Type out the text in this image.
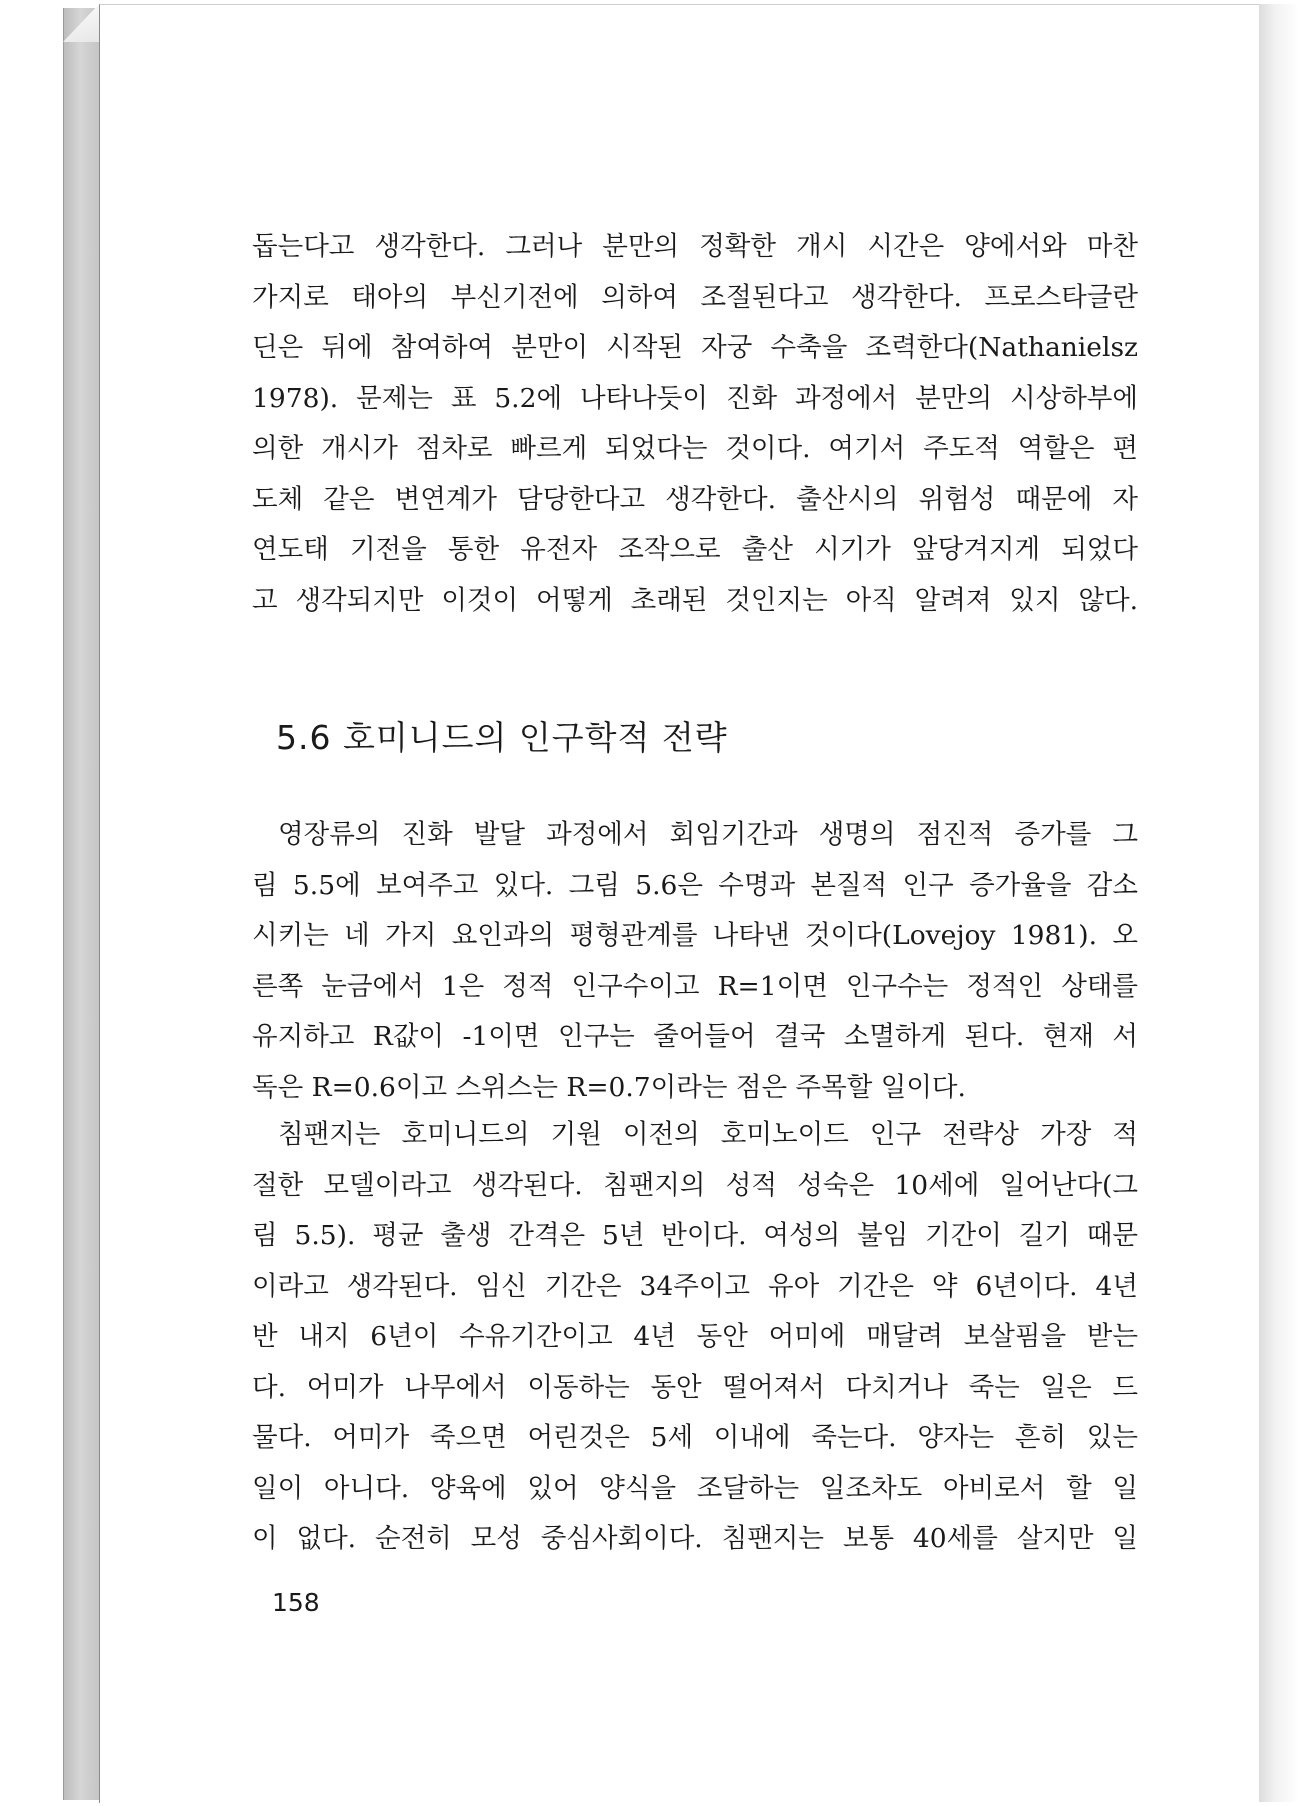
돕는다고 생각한다. 그러나 분만의 정확한 개시 시간은 양에서와 마찬
가지로 태아의 부신기전에 의하여 조절된다고 생각한다. 프로스타글란
딘은 뒤에 참여하여 분만이 시작된 자궁 수축을 조력한다(Nathanielsz
1978). 문제는 표 5.2에 나타나듯이 진화 과정에서 분만의 시상하부에
의한 개시가 점차로 빠르게 되었다는 것이다. 여기서 주도적 역할은 편
도체 같은 변연계가 담당한다고 생각한다. 출산시의 위험성 때문에 자
연도태 기전을 통한 유전자 조작으로 출산 시기가 앞당겨지게 되었다
고 생각되지만 이것이 어떻게 초래된 것인지는 아직 알려져 있지 않다.
5.6 호미니드의 인구학적 전략
영장류의 진화 발달 과정에서 회임기간과 생명의 점진적 증가를 그
림 5.5에 보여주고 있다. 그림 5.6은 수명과 본질적 인구 증가율을 감소
시키는 네 가지 요인과의 평형관계를 나타낸 것이다(Lovejoy 1981). 오
른쪽 눈금에서 1은 정적 인구수이고 R=1이면 인구수는 정적인 상태를
유지하고 R값이 -1이면 인구는 줄어들어 결국 소멸하게 된다. 현재 서
독은 R=0.6이고 스위스는 R=0.7이라는 점은 주목할 일이다.
침팬지는 호미니드의 기원 이전의 호미노이드 인구 전략상 가장 적
절한 모델이라고 생각된다. 침팬지의 성적 성숙은 10세에 일어난다(그
림 5.5). 평균 출생 간격은 5년 반이다. 여성의 불임 기간이 길기 때문
이라고 생각된다. 임신 기간은 34주이고 유아 기간은 약 6년이다. 4년
반 내지 6년이 수유기간이고 4년 동안 어미에 매달려 보살핌을 받는
다. 어미가 나무에서 이동하는 동안 떨어져서 다치거나 죽는 일은 드
물다. 어미가 죽으면 어린것은 5세 이내에 죽는다. 양자는 흔히 있는
일이 아니다. 양육에 있어 양식을 조달하는 일조차도 아비로서 할 일
이 없다. 순전히 모성 중심사회이다. 침팬지는 보통 40세를 살지만 일
158
